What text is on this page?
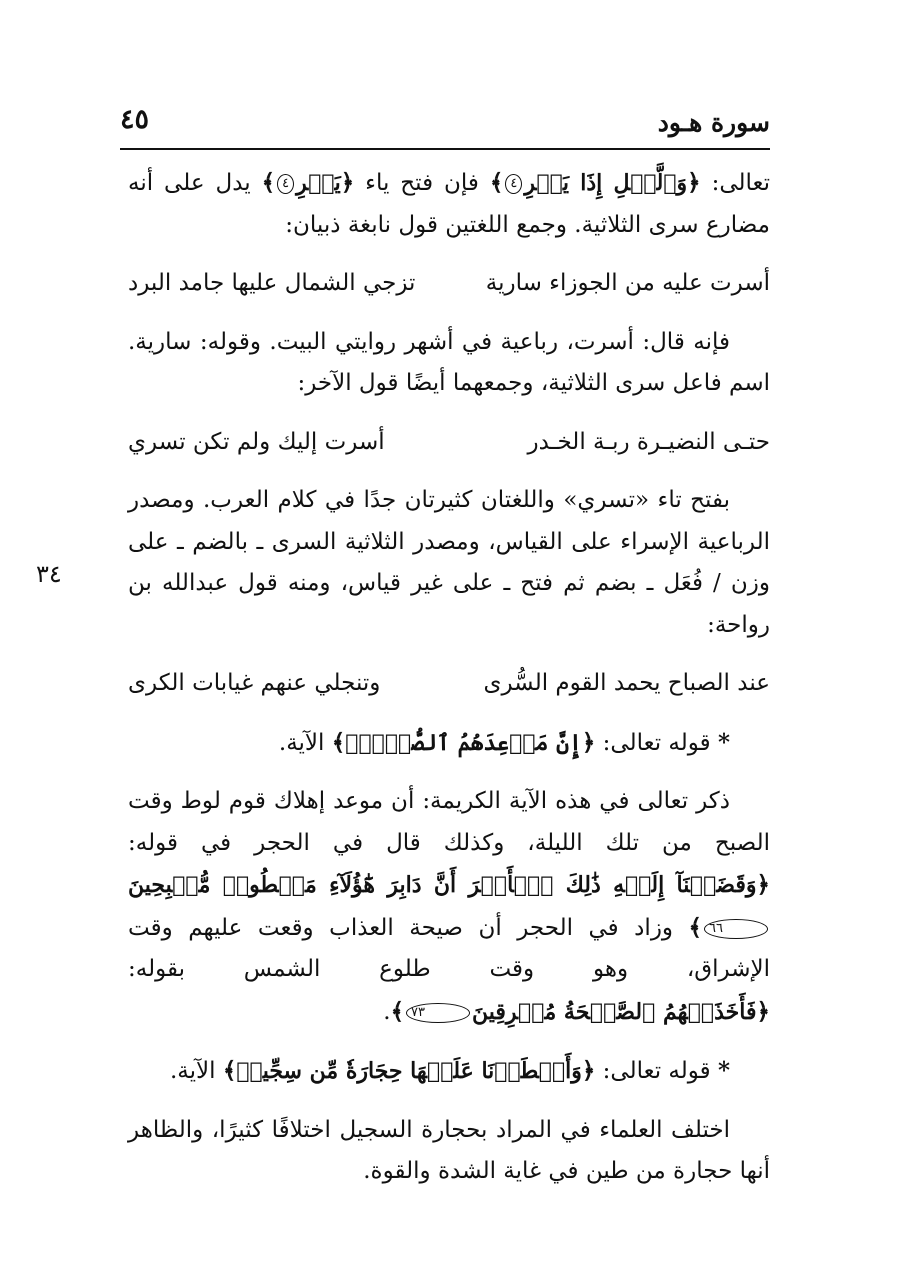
سورة هـود
٤٥
٣٤

تعالى: ﴿وَٱلَّيۡلِ إِذَا يَسۡرِ٤﴾ فإن فتح ياء ﴿يَسۡرِ٤﴾ يدل على أنه مضارع سرى الثلاثية. وجمع اللغتين قول نابغة ذبيان:

أسرت عليه من الجوزاء سارية
تزجي الشمال عليها جامد البرد

فإنه قال: أسرت، رباعية في أشهر روايتي البيت. وقوله: سارية. اسم فاعل سرى الثلاثية، وجمعهما أيضًا قول الآخر:

حتـى النضيـرة ربـة الخـدر
أسرت إليك ولم تكن تسري

بفتح تاء «تسري» واللغتان كثيرتان جدًا في كلام العرب. ومصدر الرباعية الإسراء على القياس، ومصدر الثلاثية السرى ـ بالضم ـ على وزن / فُعَل ـ بضم ثم فتح ـ على غير قياس، ومنه قول عبدالله بن رواحة:

عند الصباح يحمد القوم السُّرى
وتنجلي عنهم غيابات الكرى

* قوله تعالى: ﴿إِنَّ مَوۡعِدَهُمُ ٱلصُّبۡحُۚ﴾ الآية.

ذكر تعالى في هذه الآية الكريمة: أن موعد إهلاك قوم لوط وقت الصبح من تلك الليلة، وكذلك قال في الحجر في قوله: ﴿وَقَضَيۡنَآ إِلَيۡهِ ذَٰلِكَ ٱلۡأَمۡرَ أَنَّ دَابِرَ هَٰٓؤُلَآءِ مَقۡطُوعٞ مُّصۡبِحِينَ٦٦﴾ وزاد في الحجر أن صيحة العذاب وقعت عليهم وقت الإشراق، وهو وقت طلوع الشمس بقوله: ﴿فَأَخَذَتۡهُمُ ٱلصَّيۡحَةُ مُشۡرِقِينَ٧٣﴾.

* قوله تعالى: ﴿وَأَمۡطَرۡنَا عَلَيۡهَا حِجَارَةٗ مِّن سِجِّيلٖ﴾ الآية.

اختلف العلماء في المراد بحجارة السجيل اختلافًا كثيرًا، والظاهر أنها حجارة من طين في غاية الشدة والقوة.
